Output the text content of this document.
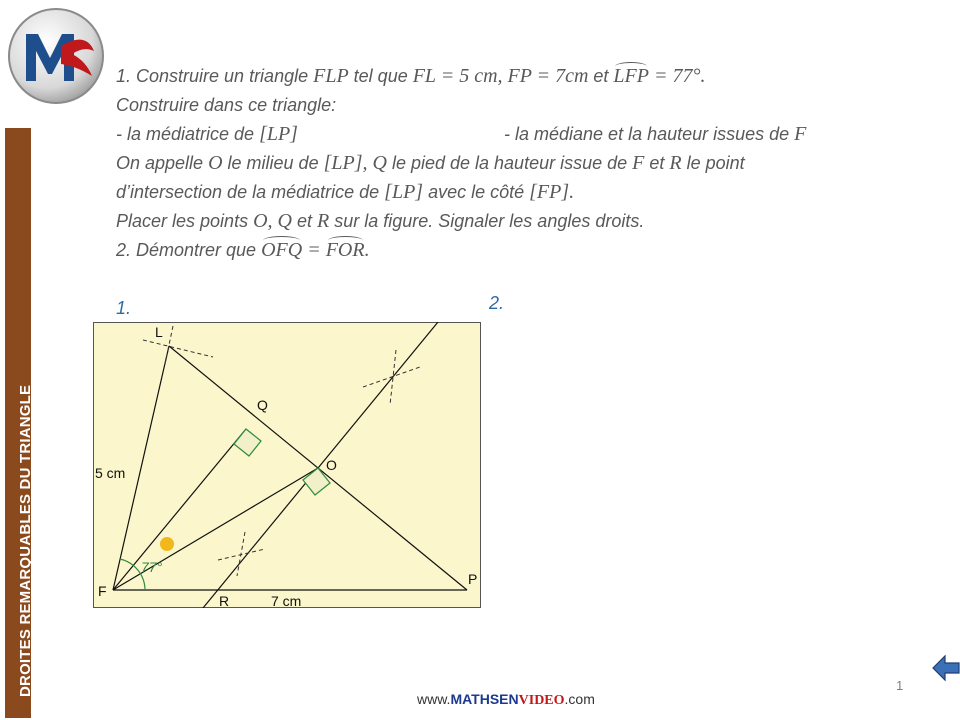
DROITES REMARQUABLES DU TRIANGLE
1. Construire un triangle FLP tel que FL = 5 cm, FP = 7cm et LFP = 77°.
Construire dans ce triangle:
- la médiatrice de [LP]	- la médiane et la hauteur issues de F
On appelle O le milieu de [LP], Q le pied de la hauteur issue de F et R le point
d’intersection de la médiatrice de [LP] avec le côté [FP].
Placer les points O, Q et R sur la figure. Signaler les angles droits.
2. Démontrer que OFQ = FOR.
1.	2.
L
Q
O
5 cm
F
P
R	7 cm
77°
1
www.MATHSENVIDEO.com
